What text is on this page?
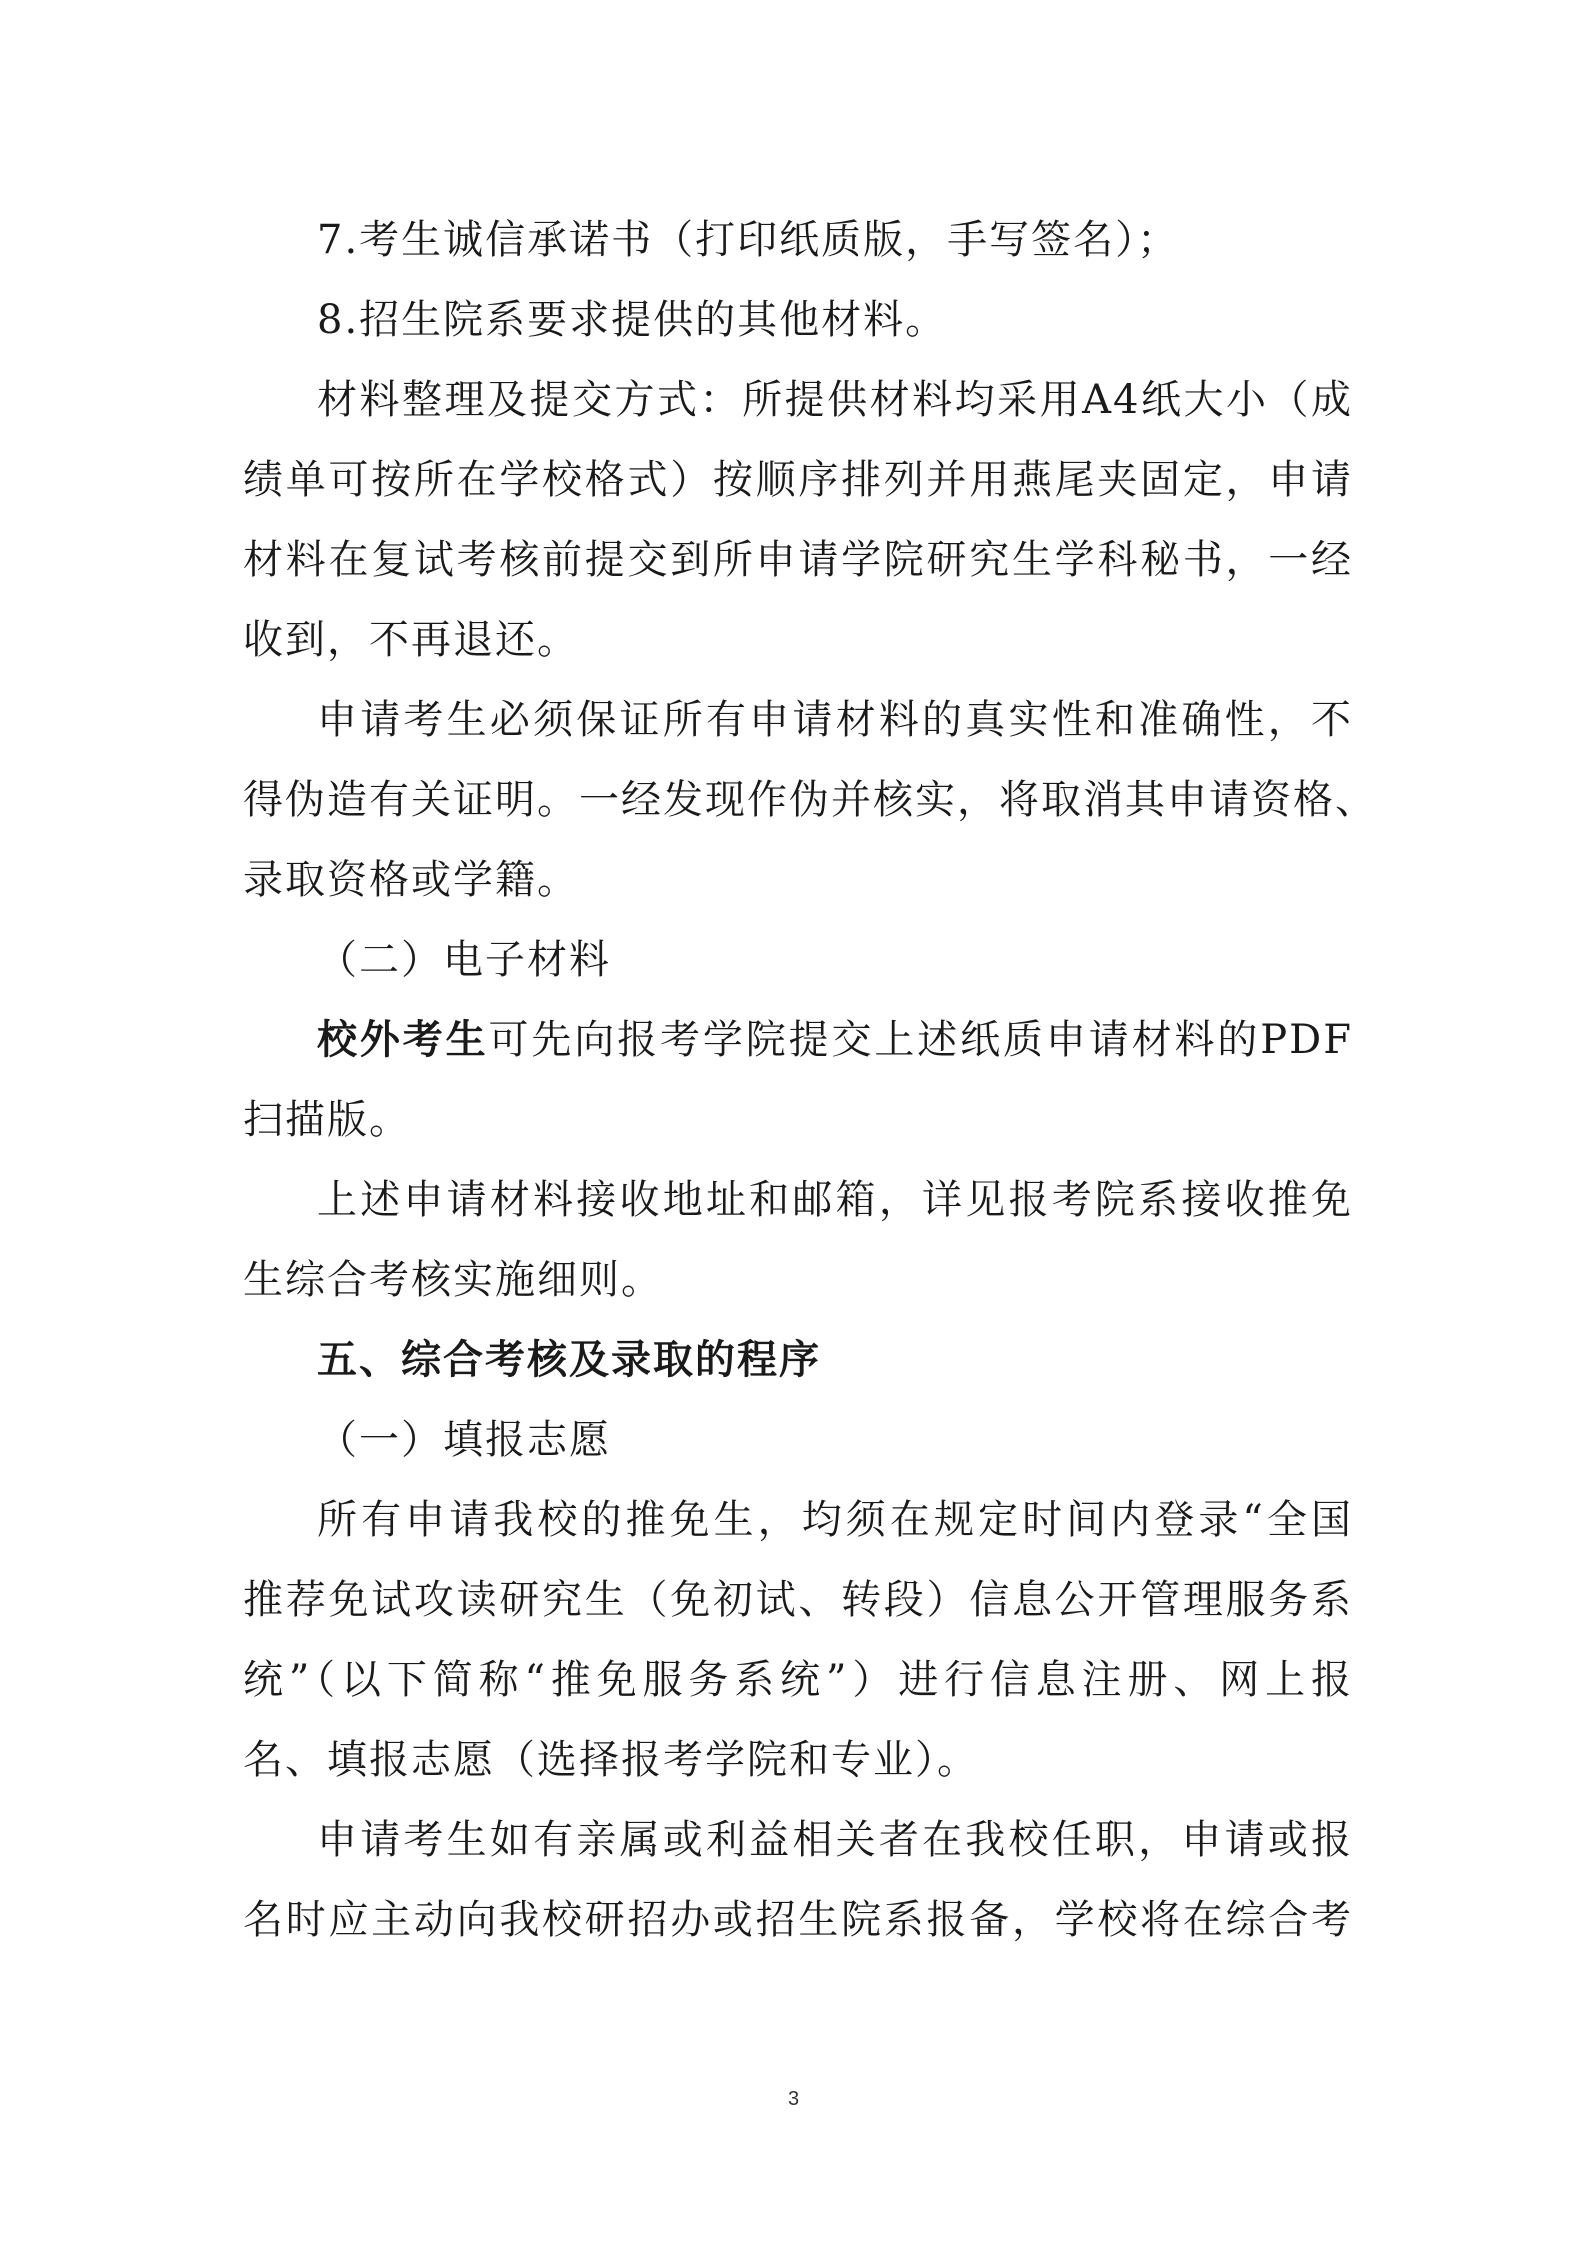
7.考生诚信承诺书（打印纸质版，手写签名）；
8.招生院系要求提供的其他材料。
材料整理及提交方式：所提供材料均采用A4纸大小（成
绩单可按所在学校格式）按顺序排列并用燕尾夹固定，申请
材料在复试考核前提交到所申请学院研究生学科秘书，一经
收到，不再退还。
申请考生必须保证所有申请材料的真实性和准确性，不
得伪造有关证明。一经发现作伪并核实，将取消其申请资格、
录取资格或学籍。
（二）电子材料
校外考生可先向报考学院提交上述纸质申请材料的PDF
扫描版。
上述申请材料接收地址和邮箱，详见报考院系接收推免
生综合考核实施细则。
五、综合考核及录取的程序
（一）填报志愿
所有申请我校的推免生，均须在规定时间内登录“全国
推荐免试攻读研究生（免初试、转段）信息公开管理服务系
统”（以下简称“推免服务系统”）进行信息注册、网上报
名、填报志愿（选择报考学院和专业）。
申请考生如有亲属或利益相关者在我校任职，申请或报
名时应主动向我校研招办或招生院系报备，学校将在综合考
3
